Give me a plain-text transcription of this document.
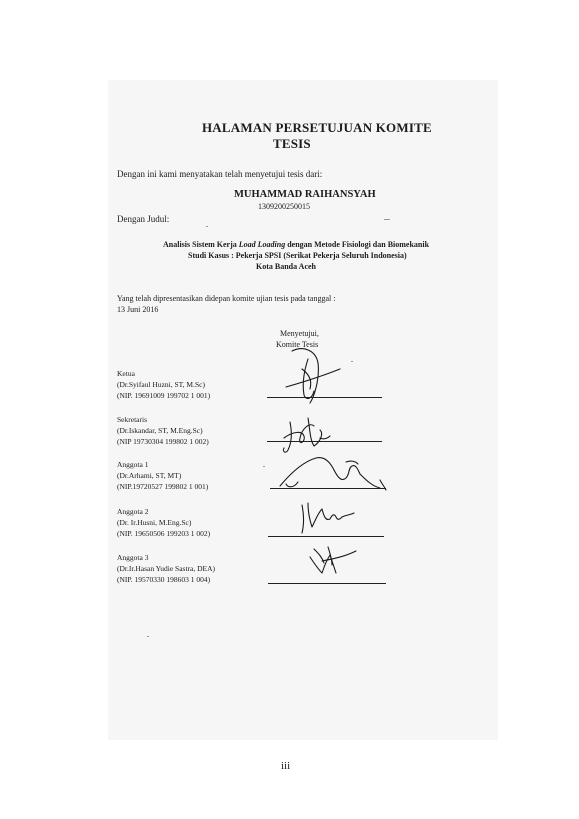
HALAMAN PERSETUJUAN KOMITE
TESIS
Dengan ini kami menyatakan telah menyetujui tesis dari:
MUHAMMAD RAIHANSYAH
1309200250015
Dengan Judul:
Analisis Sistem Kerja Load Loading dengan Metode Fisiologi dan Biomekanik
Studi Kasus : Pekerja SPSI (Serikat Pekerja Seluruh Indonesia)
Kota Banda Aceh
Yang telah dipresentasikan didepan komite ujian tesis pada tanggal :
13 Juni 2016
Menyetujui,
Komite Tesis
Ketua
(Dr.Syifaul Huzni, ST, M.Sc)
(NIP. 19691009 199702 1 001)
Sekretaris
(Dr.Iskandar, ST, M.Eng.Sc)
(NIP 19730304 199802 1 002)
Anggota 1
(Dr.Arhami, ST, MT)
(NIP.19720527 199802 1 001)
Anggota 2
(Dr. Ir.Husni, M.Eng.Sc)
(NIP. 19650506 199203 1 002)
Anggota 3
(Dr.Ir.Hasan Yudie Sastra, DEA)
(NIP. 19570330 198603 1 004)
iii
